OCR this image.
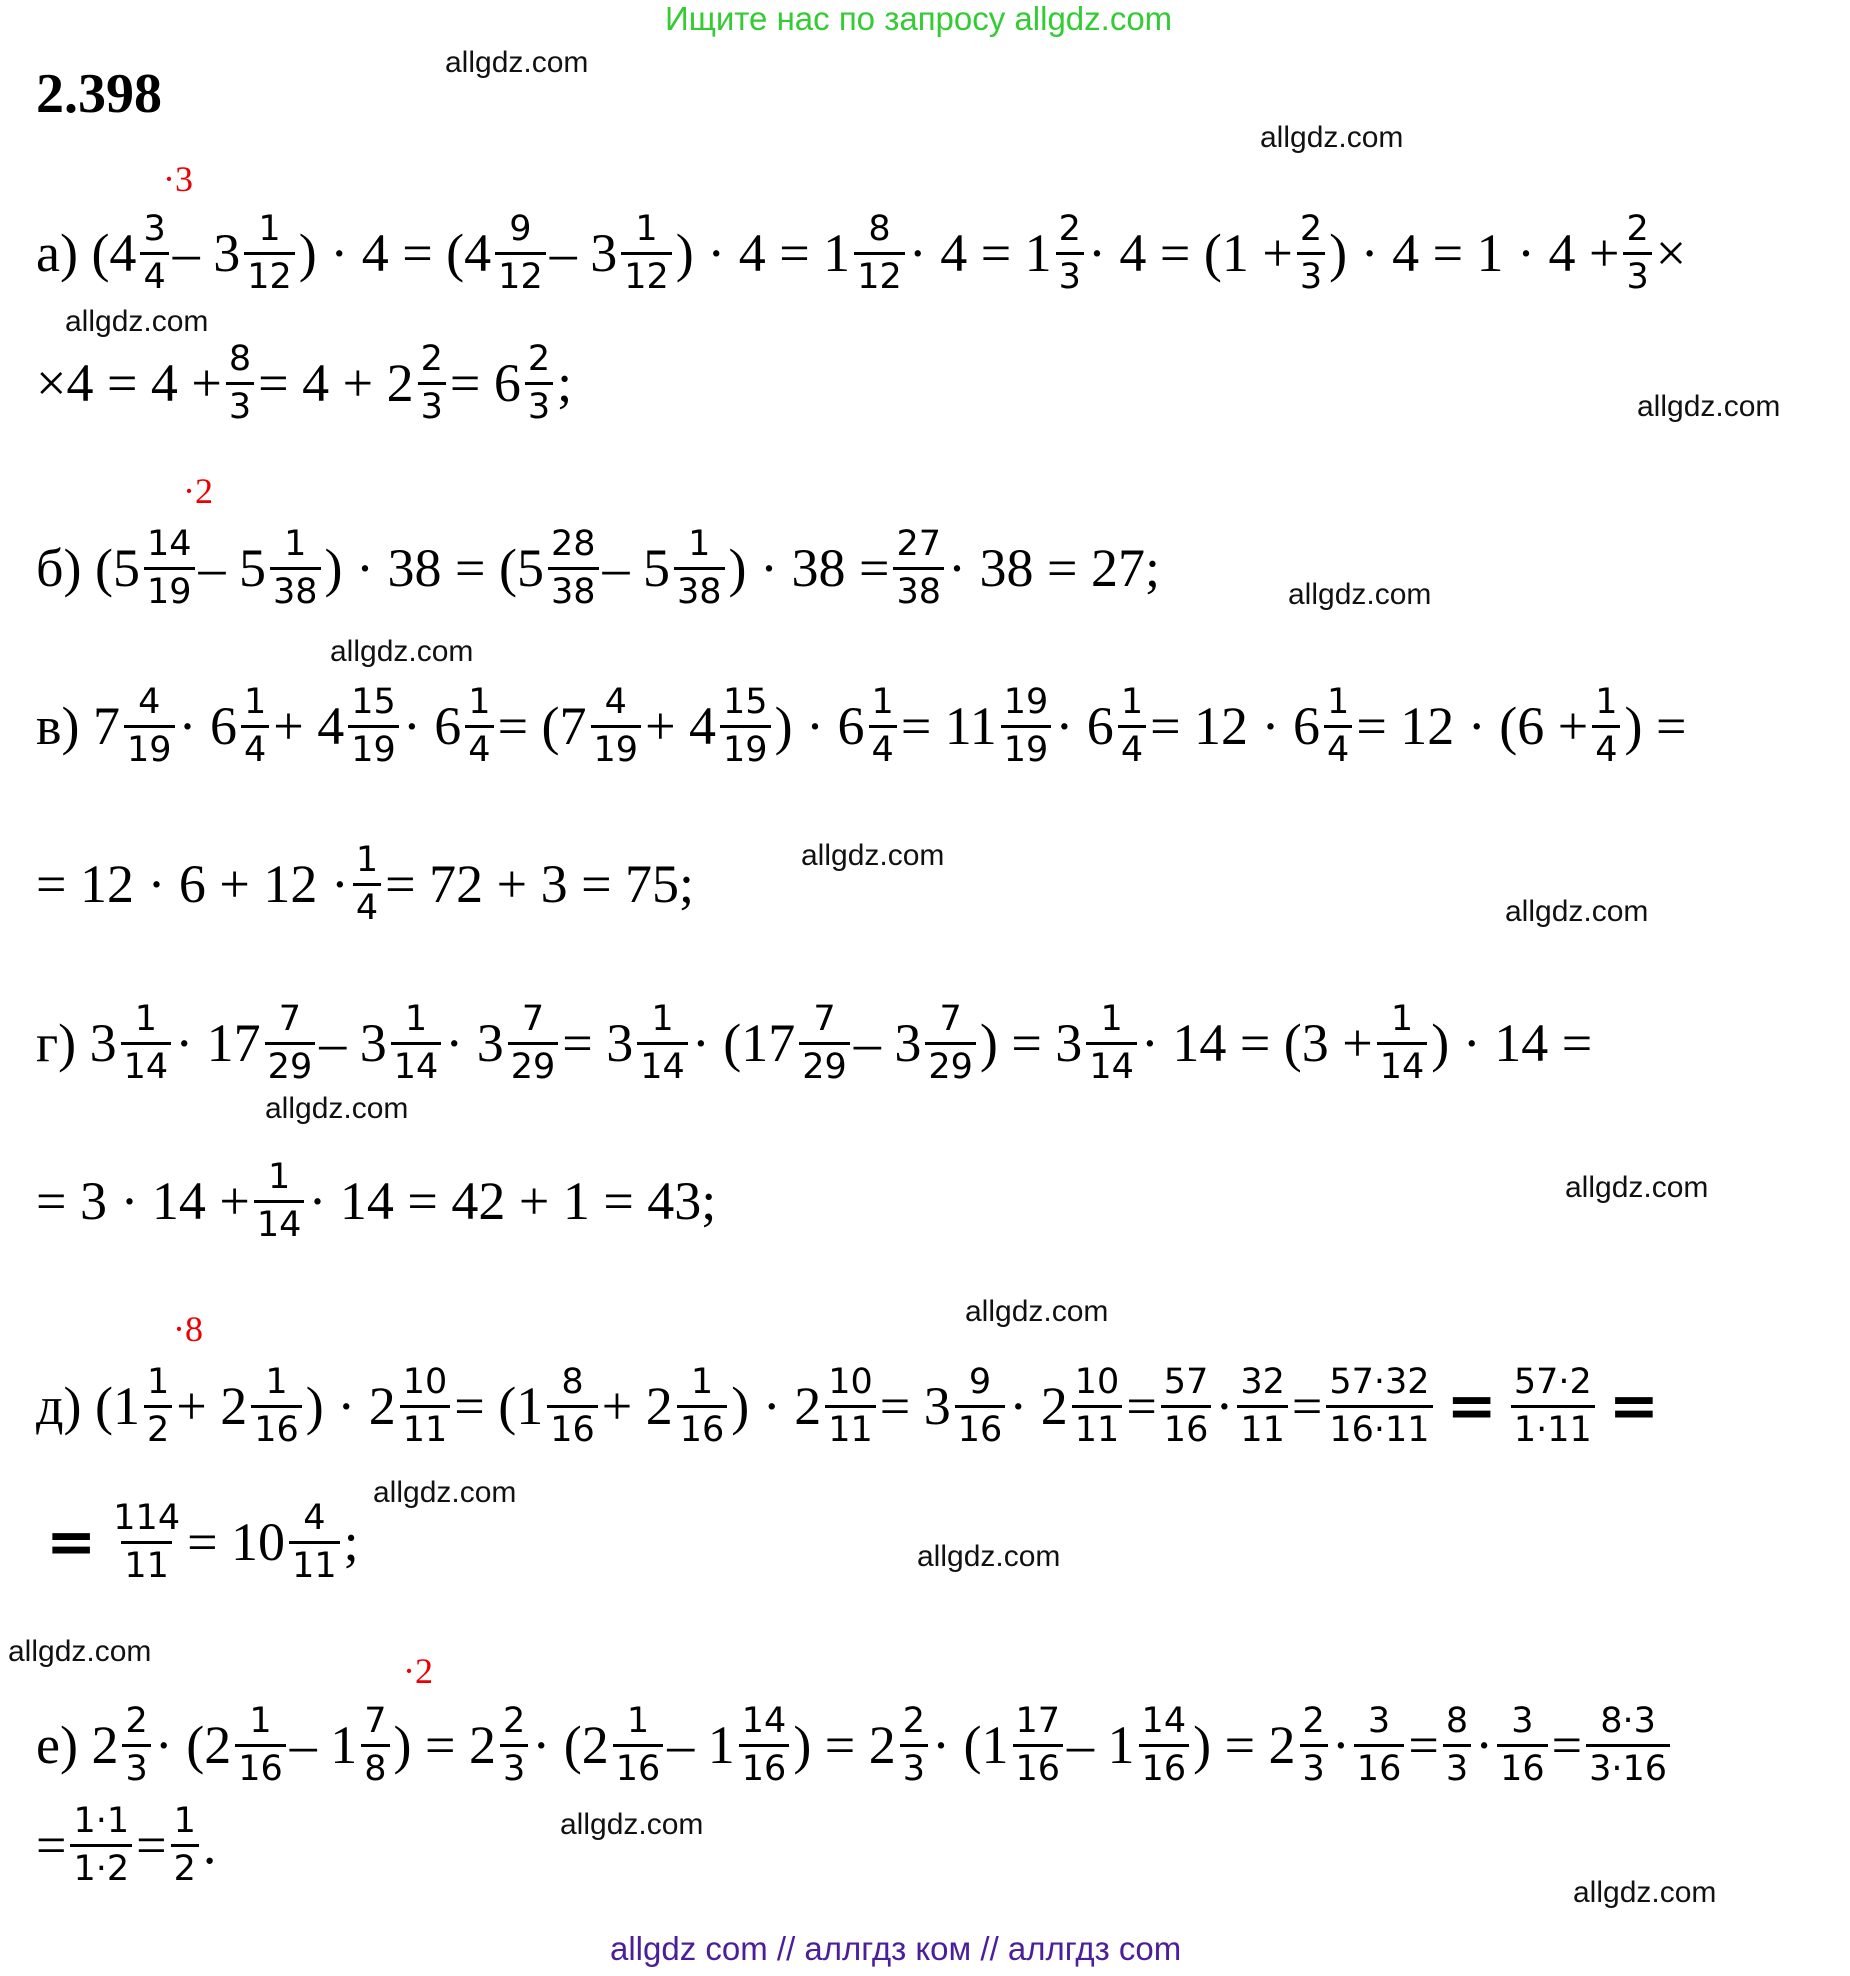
Ищите нас по запросу allgdz.com
2.398
allgdz.com
allgdz.com
allgdz.com
allgdz.com
allgdz.com
allgdz.com
allgdz.com
allgdz.com
allgdz.com
allgdz.com
allgdz.com
allgdz.com
allgdz.com
allgdz.com
allgdz.com
allgdz.com
·3
·2
·8
·2
а) ($4 \frac{3}{4} - 3 \frac{1}{12}$ ) · $4 = (4 \frac{9}{12} - 3 \frac{1}{12}$ ) · $4 = 1 \frac{8}{12} \cdot 4 = 1 \frac{2}{3} \cdot 4 = (1 + \frac{2}{3}$ ) · $4 = 1 \cdot 4 + \frac{2}{3}$ ×
$\times 4 = 4 + \frac{8}{3} = 4 + 2 \frac{2}{3} = 6 \frac{2}{3}$ ;
б) ($5 \frac{14}{19} - 5 \frac{1}{38}$ ) · $38 = (5 \frac{28}{38} - 5 \frac{1}{38}$ ) · $38 = \frac{27}{38} \cdot 38 = 27$;
в) $7 \frac{4}{19} \cdot 6 \frac{1}{4} + 4 \frac{15}{19} \cdot 6 \frac{1}{4} = (7 \frac{4}{19} + 4 \frac{15}{19}$ ) · $6 \frac{1}{4} = 11 \frac{19}{19} \cdot 6 \frac{1}{4} = 12 \cdot 6 \frac{1}{4} = 12 \cdot (6 + \frac{1}{4}$ ) =
= $12 \cdot 6 + 12 \cdot \frac{1}{4} = 72 + 3 = 75$;
г) $3 \frac{1}{14} \cdot 17 \frac{7}{29} - 3 \frac{1}{14} \cdot 3 \frac{7}{29} = 3 \frac{1}{14} \cdot (17 \frac{7}{29} - 3 \frac{7}{29}$ ) = $3 \frac{1}{14} \cdot 14 = (3 + \frac{1}{14}$ ) · 14 =
= $3 \cdot 14 + \frac{1}{14} \cdot 14 = 42 + 1 = 43$;
д) ($1 \frac{1}{2} + 2 \frac{1}{16}$ ) · $2 \frac{10}{11} = (1 \frac{8}{16} + 2 \frac{1}{16}$ ) · $2 \frac{10}{11} = 3 \frac{9}{16} \cdot 2 \frac{10}{11} = \frac{57}{16} \cdot \frac{32}{11} = \frac{57\cdot 32}{16\cdot 11} = \frac{57\cdot 2}{1\cdot 11}$ =
= $\frac{114}{11} = 10 \frac{4}{11}$ ;
е) $2 \frac{2}{3} \cdot (2 \frac{1}{16} - 1 \frac{7}{8}$ ) = $2 \frac{2}{3} \cdot (2 \frac{1}{16} - 1 \frac{14}{16}$ ) = $2 \frac{2}{3} \cdot (1 \frac{17}{16} - 1 \frac{14}{16}$ ) = $2 \frac{2}{3} \cdot \frac{3}{16} = \frac{8}{3} \cdot \frac{3}{16} = \frac{8\cdot 3}{3\cdot 16}$
= $\frac{1\cdot 1}{1\cdot 2} = \frac{1}{2}$ .
allgdz com // аллгдз ком // аллгдз com
